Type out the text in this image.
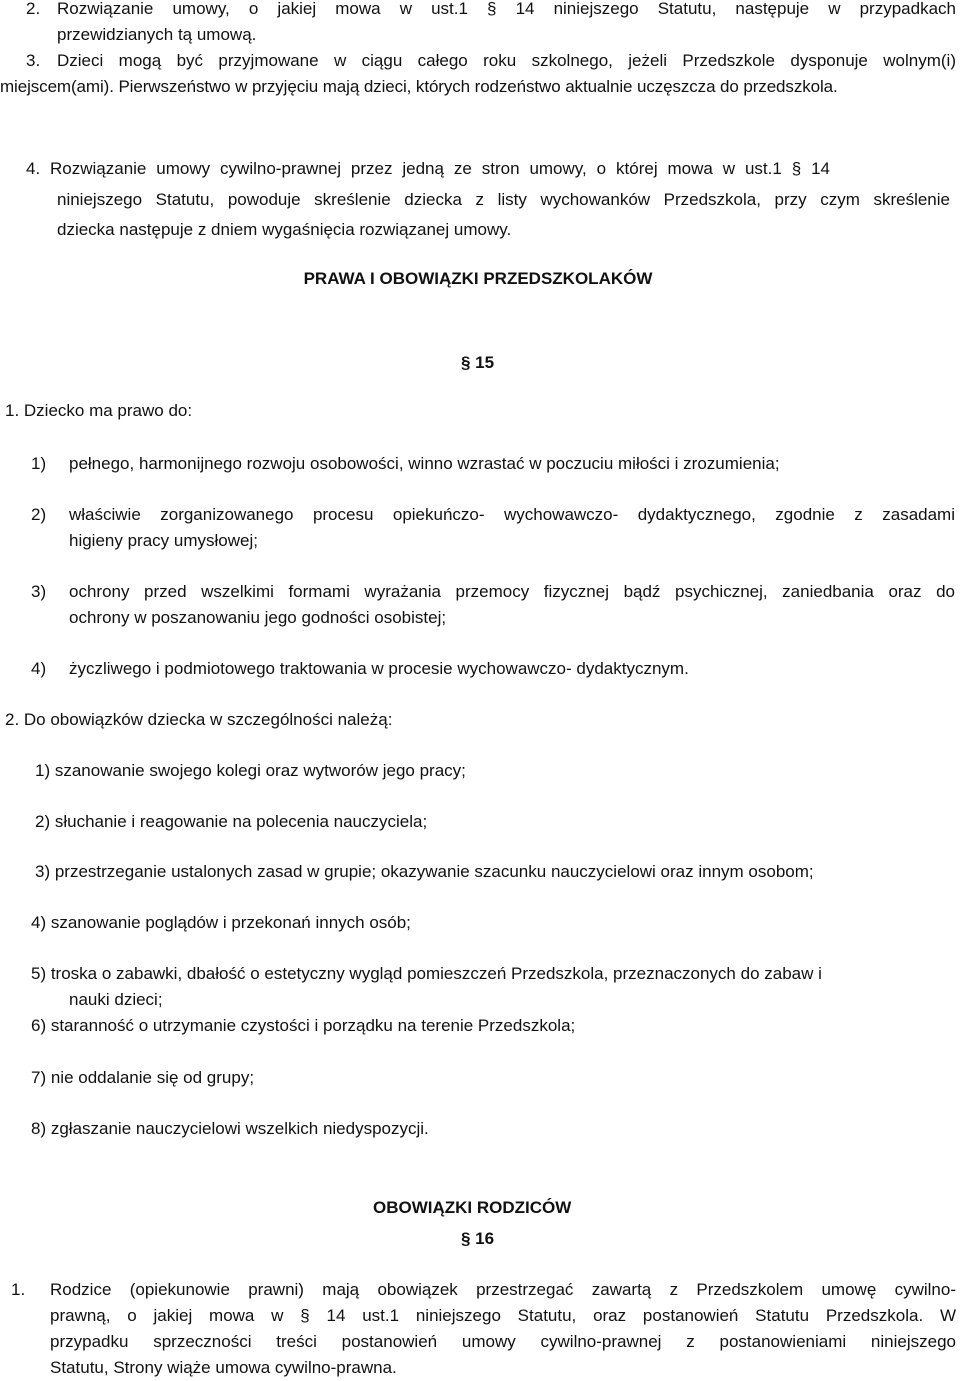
2. Rozwiązanie umowy, o jakiej mowa w ust.1 § 14 niniejszego Statutu, następuje w przypadkach
przewidzianych tą umową.
3. Dzieci mogą być przyjmowane w ciągu całego roku szkolnego, jeżeli Przedszkole dysponuje wolnym(i)
miejscem(ami). Pierwszeństwo w przyjęciu mają dzieci, których rodzeństwo aktualnie uczęszcza do przedszkola.
4. Rozwiązanie umowy cywilno-prawnej przez jedną ze stron umowy, o której mowa w ust.1 § 14
niniejszego Statutu, powoduje skreślenie dziecka z listy wychowanków Przedszkola, przy czym skreślenie
dziecka następuje z dniem wygaśnięcia rozwiązanej umowy.
PRAWA I OBOWIĄZKI PRZEDSZKOLAKÓW
§ 15
1. Dziecko ma prawo do:
1) pełnego, harmonijnego rozwoju osobowości, winno wzrastać w poczuciu miłości i zrozumienia;
2) właściwie zorganizowanego procesu opiekuńczo- wychowawczo- dydaktycznego, zgodnie z zasadami
higieny pracy umysłowej;
3) ochrony przed wszelkimi formami wyrażania przemocy fizycznej bądź psychicznej, zaniedbania oraz do
ochrony w poszanowaniu jego godności osobistej;
4) życzliwego i podmiotowego traktowania w procesie wychowawczo- dydaktycznym.
2. Do obowiązków dziecka w szczególności należą:
1) szanowanie swojego kolegi oraz wytworów jego pracy;
2) słuchanie i reagowanie na polecenia nauczyciela;
3) przestrzeganie ustalonych zasad w grupie; okazywanie szacunku nauczycielowi oraz innym osobom;
4) szanowanie poglądów i przekonań innych osób;
5) troska o zabawki, dbałość o estetyczny wygląd pomieszczeń Przedszkola, przeznaczonych do zabaw i
nauki dzieci;
6) staranność o utrzymanie czystości i porządku na terenie Przedszkola;
7) nie oddalanie się od grupy;
8) zgłaszanie nauczycielowi wszelkich niedyspozycji.
OBOWIĄZKI RODZICÓW
§ 16
1. Rodzice (opiekunowie prawni) mają obowiązek przestrzegać zawartą z Przedszkolem umowę cywilno-
prawną, o jakiej mowa w § 14 ust.1 niniejszego Statutu, oraz postanowień Statutu Przedszkola. W
przypadku sprzeczności treści postanowień umowy cywilno-prawnej z postanowieniami niniejszego
Statutu, Strony wiąże umowa cywilno-prawna.
